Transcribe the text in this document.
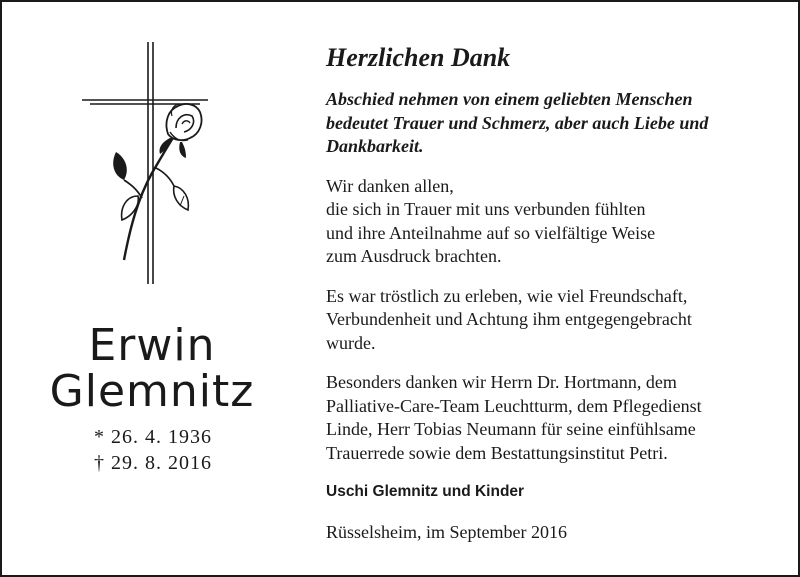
Erwin
Glemnitz
* 26. 4. 1936
† 29. 8. 2016
Herzlichen Dank

Abschied nehmen von einem geliebten Menschen
bedeutet Trauer und Schmerz, aber auch Liebe und
Dankbarkeit.

Wir danken allen,
die sich in Trauer mit uns verbunden fühlten
und ihre Anteilnahme auf so vielfältige Weise
zum Ausdruck brachten.

Es war tröstlich zu erleben, wie viel Freundschaft,
Verbundenheit und Achtung ihm entgegengebracht
wurde.

Besonders danken wir Herrn Dr. Hortmann, dem
Palliative-Care-Team Leuchtturm, dem Pflegedienst
Linde, Herr Tobias Neumann für seine einfühlsame
Trauerrede sowie dem Bestattungsinstitut Petri.

Uschi Glemnitz und Kinder

Rüsselsheim, im September 2016
